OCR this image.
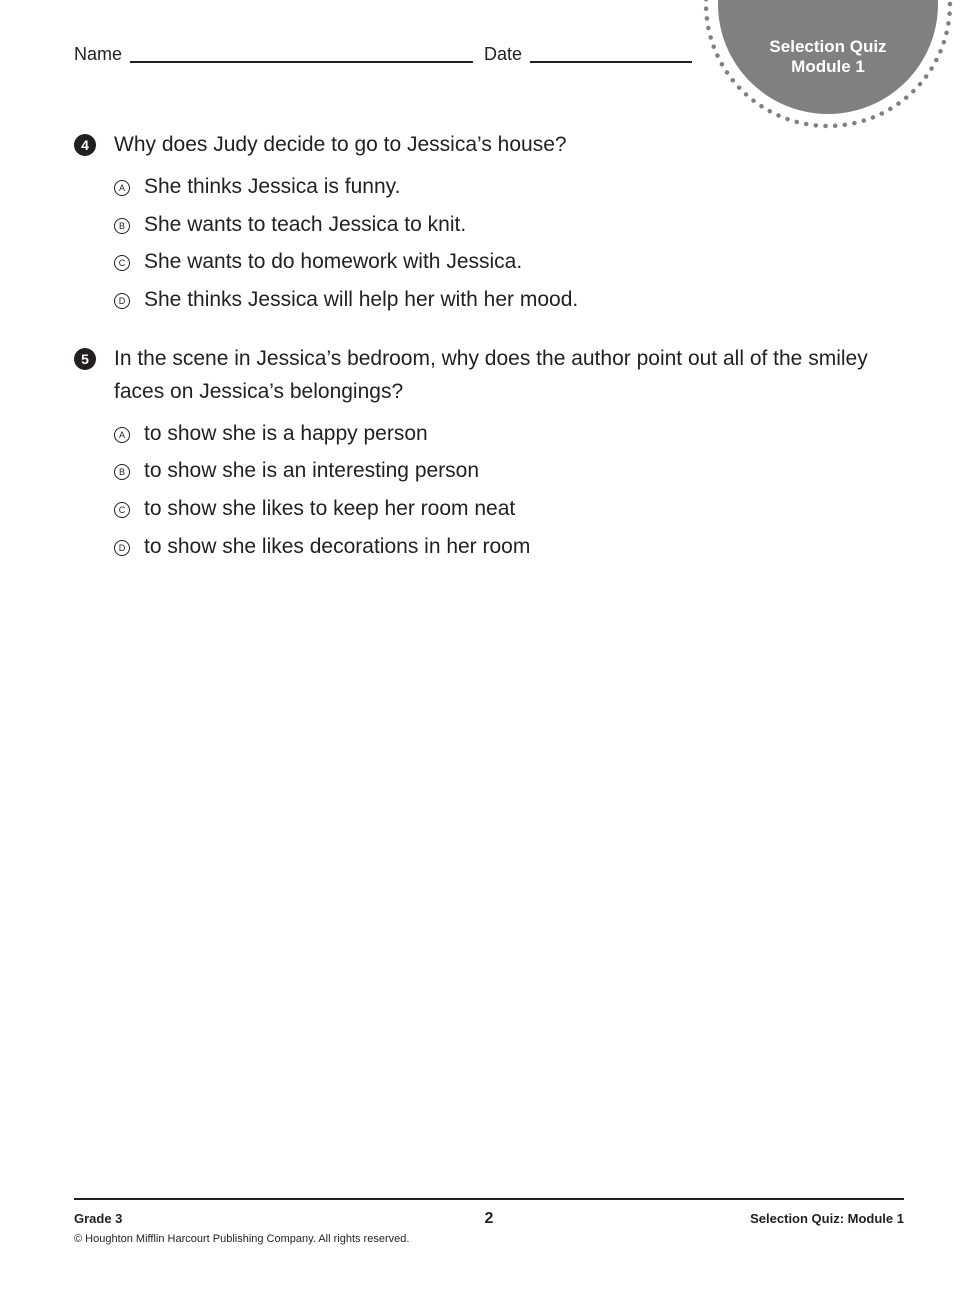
Selection Quiz
Module 1
Name	Date
4	Why does Judy decide to go to Jessica’s house?
A She thinks Jessica is funny.
B She wants to teach Jessica to knit.
C She wants to do homework with Jessica.
D She thinks Jessica will help her with her mood.
5	In the scene in Jessica’s bedroom, why does the author point out all of the smiley faces on Jessica’s belongings?
A to show she is a happy person
B to show she is an interesting person
C to show she likes to keep her room neat
D to show she likes decorations in her room
Grade 3
© Houghton Mifflin Harcourt Publishing Company. All rights reserved.
2	Selection Quiz: Module 1
